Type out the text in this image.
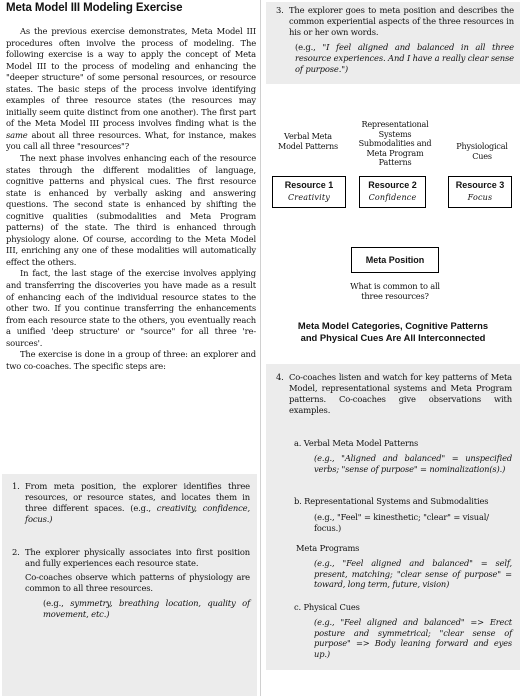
Meta Model III Modeling Exercise

As the previous exercise demonstrates, Meta Model III procedures often involve the process of modeling. The following exercise is a way to apply the concept of Meta Model III to the process of modeling and enhancing the "deeper structure" of some personal resources, or resource states. The basic steps of the process involve identifying examples of three resource states (the resources may initially seem quite distinct from one another). The first part of the Meta Model III process involves finding what is the same about all three resources. What, for instance, makes you call all three "resources"?

The next phase involves enhancing each of the resource states through the different modalities of language, cognitive patterns and physical cues. The first resource state is enhanced by verbally asking and answering questions. The second state is enhanced by shifting the cognitive qualities (submodalities and Meta Program patterns) of the state. The third is enhanced through physiology alone. Of course, according to the Meta Model III, enriching any one of these modalities will automatically effect the others.

In fact, the last stage of the exercise involves applying and transferring the discoveries you have made as a result of enhancing each of the individual resource states to the other two. If you continue transferring the enhancements from each resource state to the others, you eventually reach a unified 'deep structure' or "source" for all three 're-sources'.

The exercise is done in a group of three: an explorer and two co-coaches. The specific steps are:

1. From meta position, the explorer identifies three resources, or resource states, and locates them in three different spaces. (e.g., creativity, confidence, focus.)
2. The explorer physically associates into first position and fully experiences each resource state.
Co-coaches observe which patterns of physiology are common to all three resources.
(e.g., symmetry, breathing location, quality of movement, etc.)
3. The explorer goes to meta position and describes the common experiential aspects of the three resources in his or her own words.
(e.g., "I feel aligned and balanced in all three resource experiences. And I have a really clear sense of purpose.")
Verbal Meta Model Patterns
Representational Systems Submodalities and Meta Program Patterns
Physiological Cues
Resource 1
Creativity
Resource 2
Confidence
Resource 3
Focus
Meta Position
What is common to all three resources?
Meta Model Categories, Cognitive Patterns
and Physical Cues Are All Interconnected
4. Co-coaches listen and watch for key patterns of Meta Model, representational systems and Meta Program patterns. Co-coaches give observations with examples.
a. Verbal Meta Model Patterns
(e.g., "Aligned and balanced" = unspecified verbs; "sense of purpose" = nominalization(s).)
b. Representational Systems and Submodalities
(e.g., "Feel" = kinesthetic; "clear" = visual/ focus.)
Meta Programs
(e.g., "Feel aligned and balanced" = self, present, matching; "clear sense of purpose" = toward, long term, future, vision)
c. Physical Cues
(e.g., "Feel aligned and balanced" => Erect posture and symmetrical; "clear sense of purpose" => Body leaning forward and eyes up.)
